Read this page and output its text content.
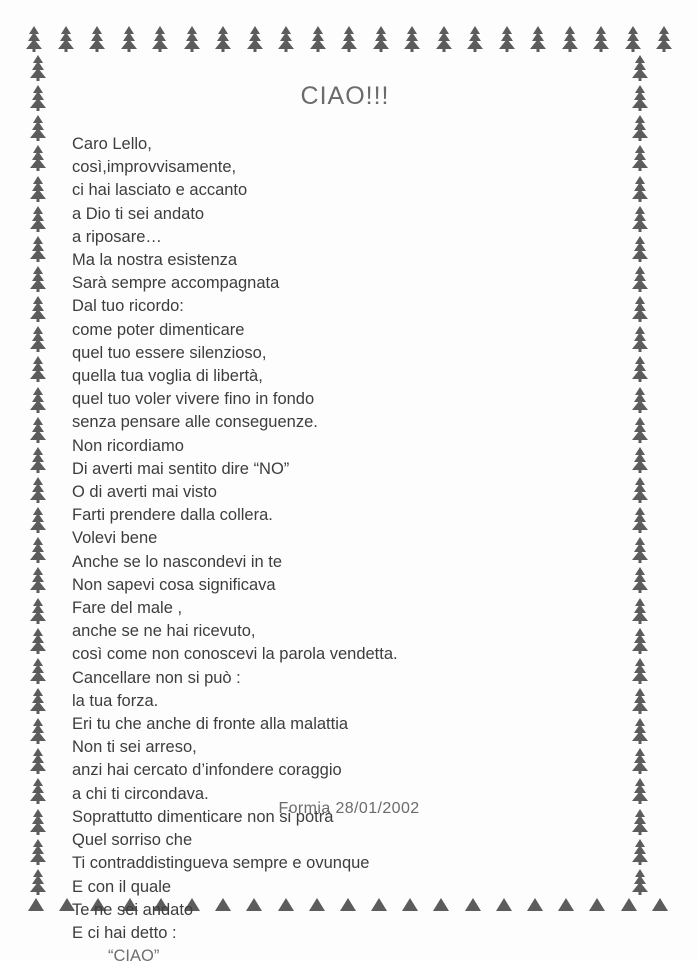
CIAO!!!
Caro Lello,
così,improvvisamente,
ci hai lasciato e accanto
a Dio ti sei andato
a riposare…
Ma la nostra esistenza
Sarà sempre accompagnata
Dal tuo ricordo:
come poter dimenticare
quel tuo essere silenzioso,
quella tua voglia di libertà,
quel tuo voler vivere fino in fondo
senza pensare alle conseguenze.
Non ricordiamo
Di averti mai sentito dire “NO”
O di averti mai visto
Farti prendere dalla collera.
Volevi bene
Anche se lo nascondevi in te
Non sapevi cosa significava
Fare del male ,
anche se ne hai ricevuto,
così come non conoscevi la parola vendetta.
Cancellare non si può :
la tua forza.
Eri tu che anche di fronte alla malattia
Non ti sei arreso,
anzi hai cercato d’infondere coraggio
a chi ti circondava.
Soprattutto dimenticare non si potrà
Quel sorriso che
Ti contraddistingueva sempre e ovunque
E con il quale
Te ne sei andato
E ci hai detto :
“CIAO”
Formia 28/01/2002
